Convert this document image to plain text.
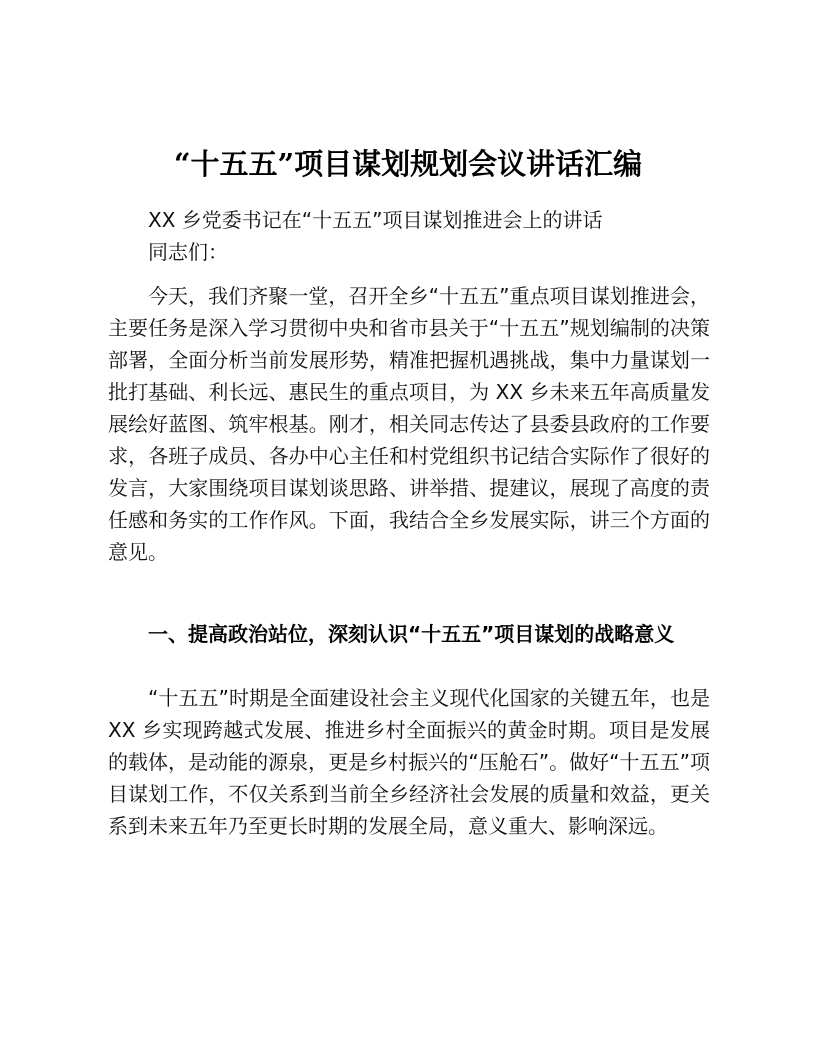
“十五五”项目谋划规划会议讲话汇编

XX 乡党委书记在“十五五”项目谋划推进会上的讲话

同志们：

今天，我们齐聚一堂，召开全乡“十五五”重点项目谋划推进会，主要任务是深入学习贯彻中央和省市县关于“十五五”规划编制的决策部署，全面分析当前发展形势，精准把握机遇挑战，集中力量谋划一批打基础、利长远、惠民生的重点项目，为 XX 乡未来五年高质量发展绘好蓝图、筑牢根基。刚才，相关同志传达了县委县政府的工作要求，各班子成员、各办中心主任和村党组织书记结合实际作了很好的发言，大家围绕项目谋划谈思路、讲举措、提建议，展现了高度的责任感和务实的工作作风。下面，我结合全乡发展实际，讲三个方面的意见。

一、提高政治站位，深刻认识“十五五”项目谋划的战略意义

“十五五”时期是全面建设社会主义现代化国家的关键五年，也是 XX 乡实现跨越式发展、推进乡村全面振兴的黄金时期。项目是发展的载体，是动能的源泉，更是乡村振兴的“压舱石”。做好“十五五”项目谋划工作，不仅关系到当前全乡经济社会发展的质量和效益，更关系到未来五年乃至更长时期的发展全局，意义重大、影响深远。
